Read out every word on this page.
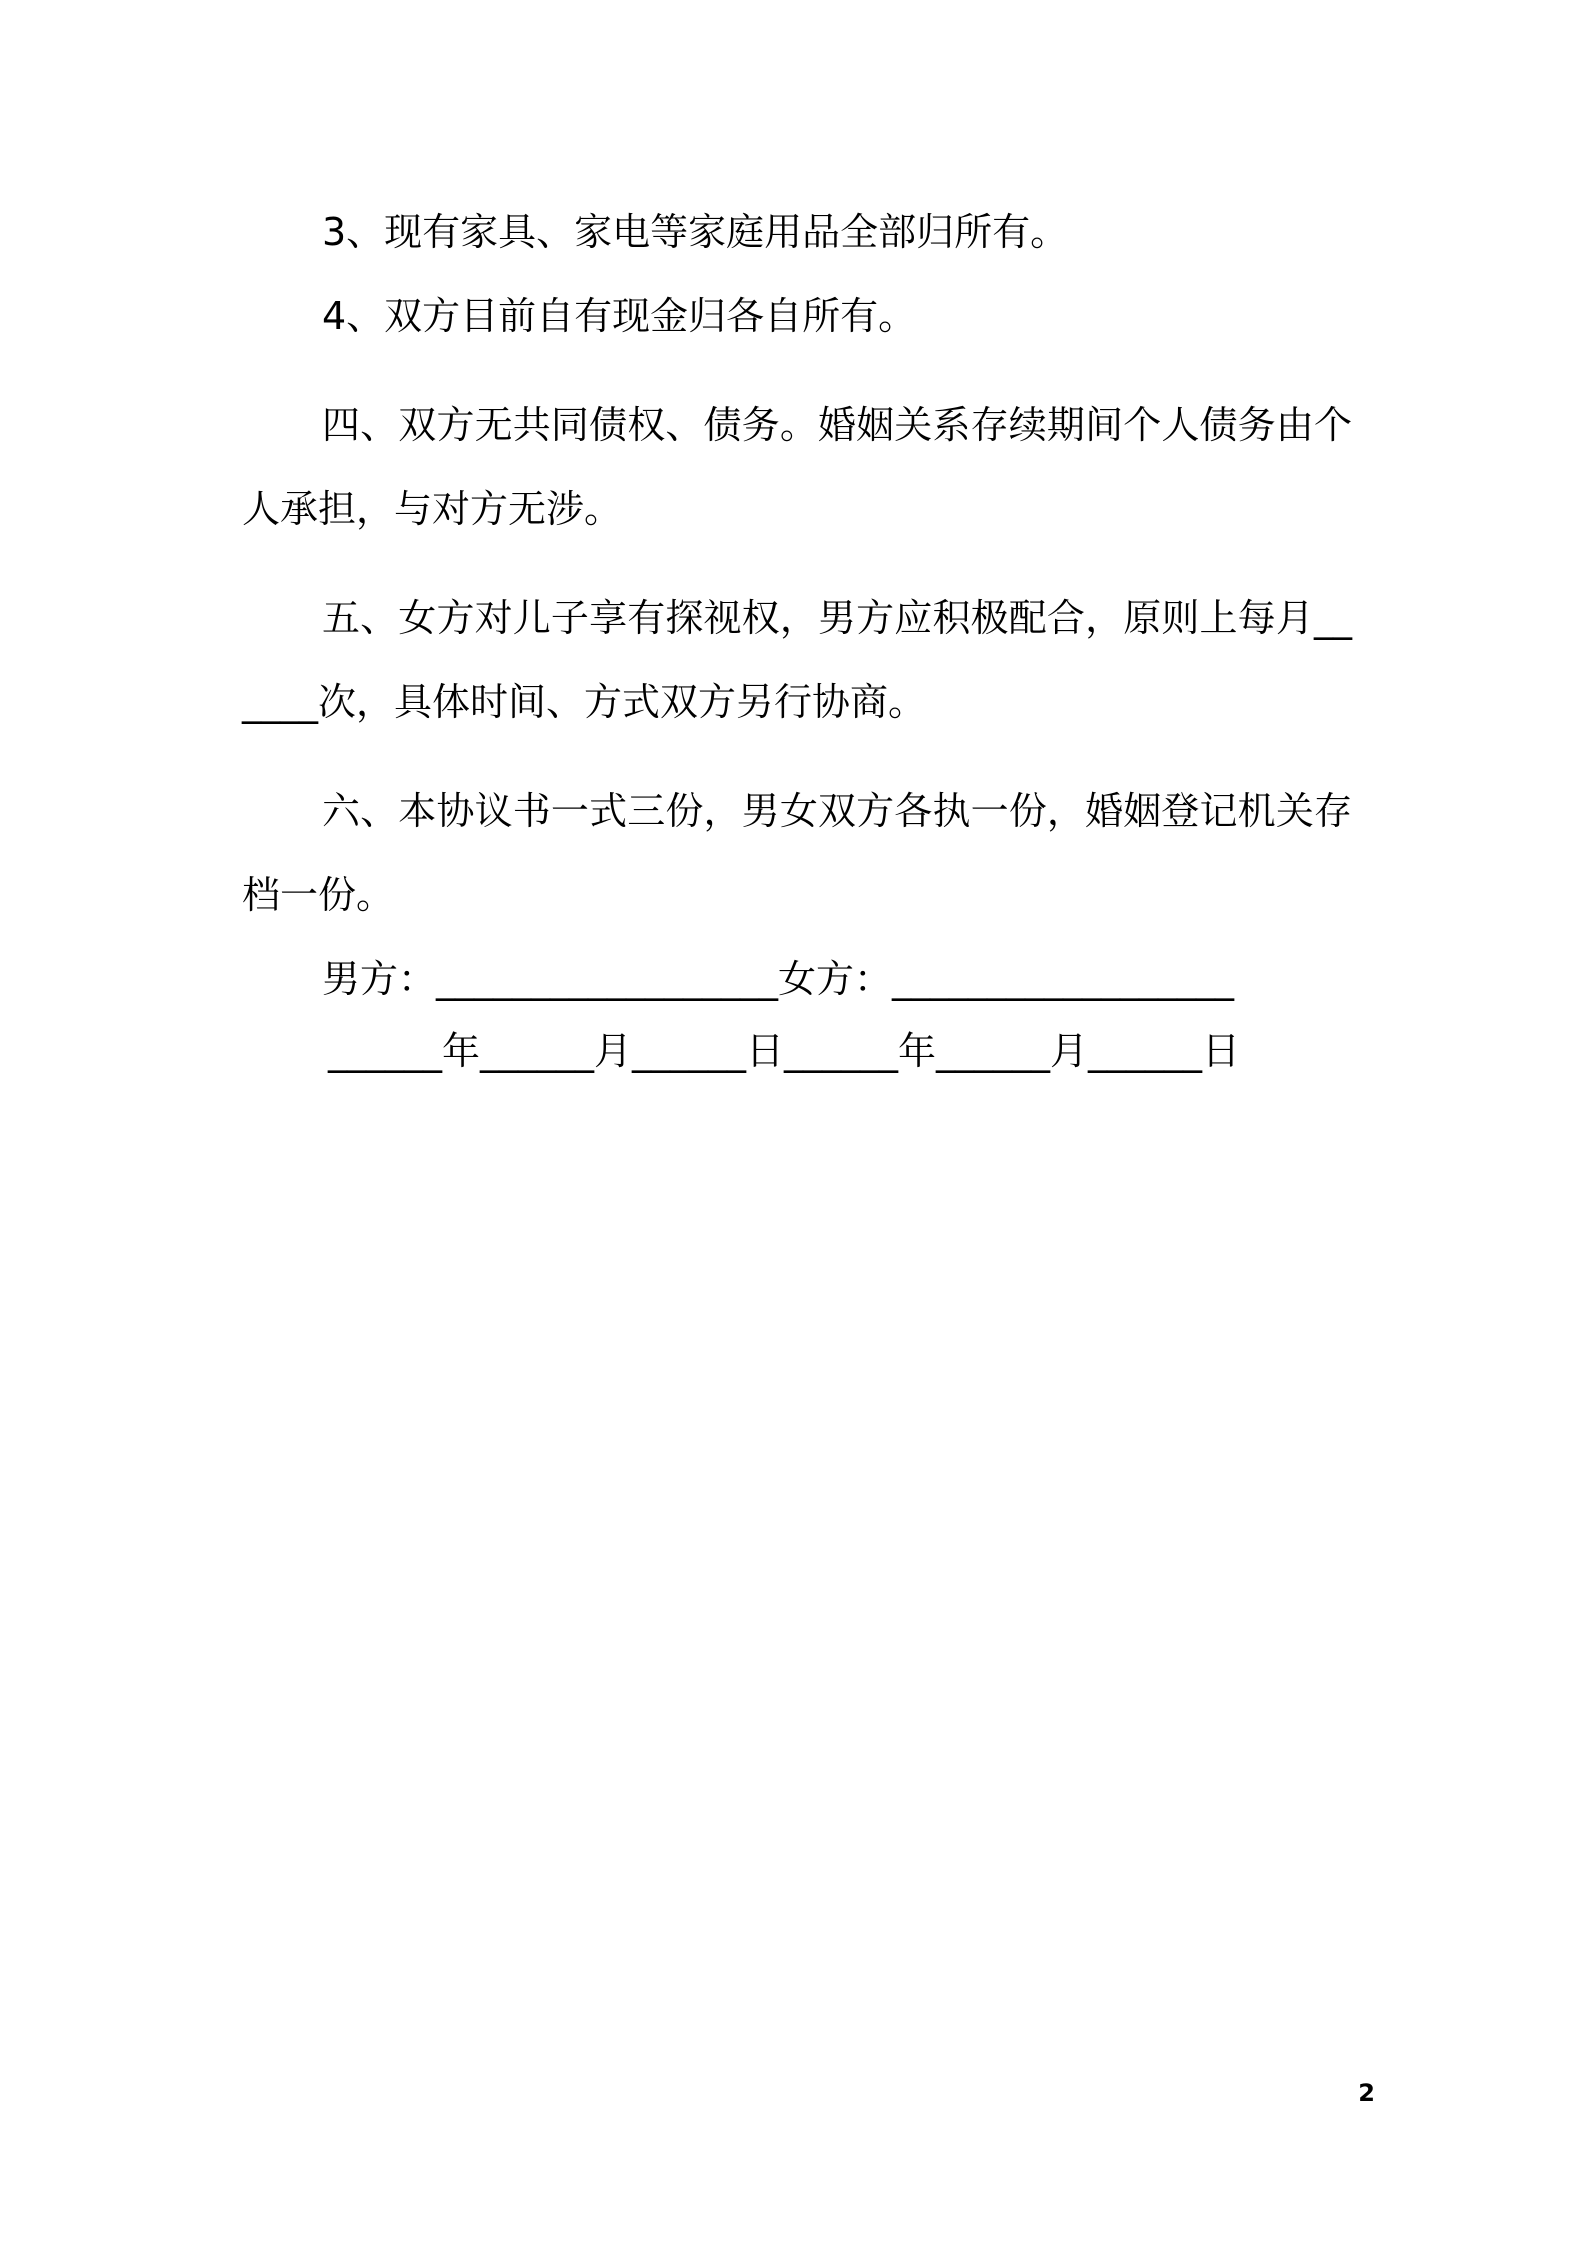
3、现有家具、家电等家庭用品全部归所有。

4、双方目前自有现金归各自所有。

四、双方无共同债权、债务。婚姻关系存续期间个人债务由个人承担，与对方无涉。

五、女方对儿子享有探视权，男方应积极配合，原则上每月______次，具体时间、方式双方另行协商。

六、本协议书一式三份，男女双方各执一份，婚姻登记机关存档一份。

男方：__________________女方：__________________

______年______月______日______年______月______日

2
